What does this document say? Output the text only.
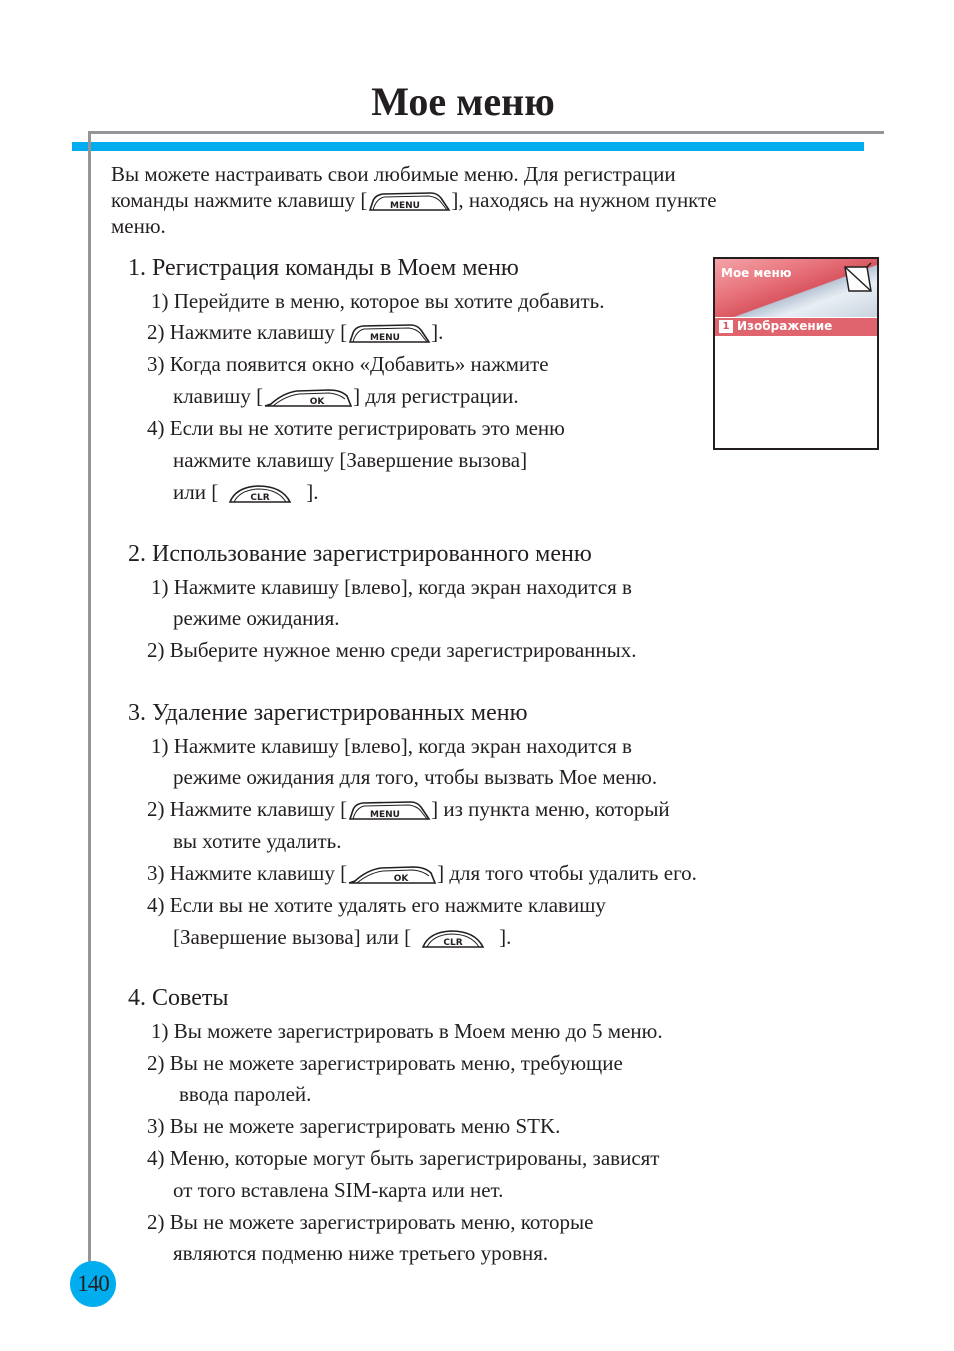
Мое меню
Вы можете настраивать свои любимые меню. Для регистрации
команды нажмите клавишу [	MENU ], находясь на нужном пункте
меню.
Мое меню
1 Изображение
1. Регистрация команды в Моем меню
1) Перейдите в меню, которое вы хотите добавить.
2) Нажмите клавишу [	MENU ].
3) Когда появится окно «Добавить» нажмите
клавишу [	OK ] для регистрации.
4) Если вы не хотите регистрировать это меню
нажмите клавишу [Завершение вызова]
или [	CLR ].
2. Использование зарегистрированного меню
1) Нажмите клавишу [влево], когда экран находится в
режиме ожидания.
2) Выберите нужное меню среди зарегистрированных.
3. Удаление зарегистрированных меню
1) Нажмите клавишу [влево], когда экран находится в
режиме ожидания для того, чтобы вызвать Мое меню.
2) Нажмите клавишу [	MENU ] из пункта меню, который
вы хотите удалить.
3) Нажмите клавишу [	OK ] для того чтобы удалить его.
4) Если вы не хотите удалять его нажмите клавишу
[Завершение вызова] или [	CLR ].
4. Советы
1) Вы можете зарегистрировать в Моем меню до 5 меню.
2) Вы не можете зарегистрировать меню, требующие
ввода паролей.
3) Вы не можете зарегистрировать меню STK.
4) Меню, которые могут быть зарегистрированы, зависят
от того вставлена SIM-карта или нет.
2) Вы не можете зарегистрировать меню, которые
являются подменю ниже третьего уровня.
140
